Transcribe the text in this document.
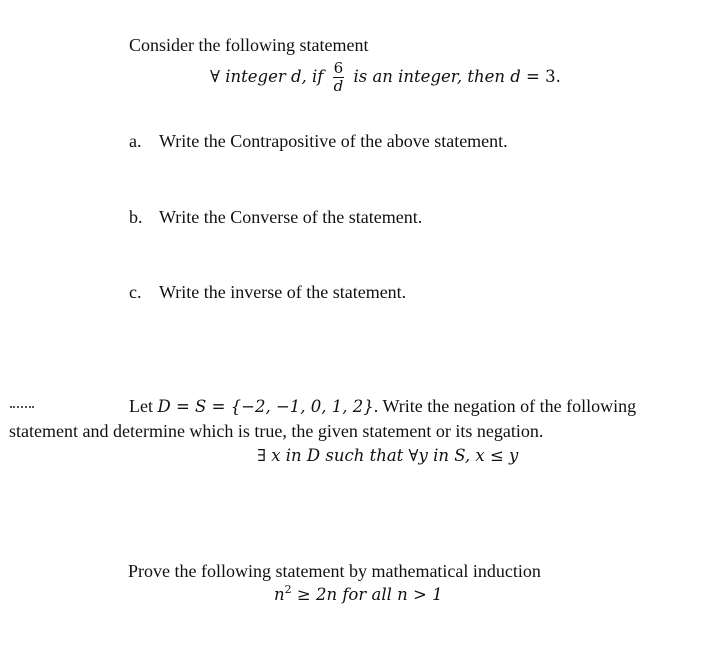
Consider the following statement
∀ integer d, if $\frac{6}{d}$ is an integer, then d = 3.
a. Write the Contrapositive of the above statement.
b. Write the Converse of the statement.
c. Write the inverse of the statement.
Let D = S = {−2, −1, 0, 1, 2}. Write the negation of the following
statement and determine which is true, the given statement or its negation.
∃ x in D such that ∀y in S, x ≤ y
Prove the following statement by mathematical induction
$n^2 \ge 2n$ for all n > 1
